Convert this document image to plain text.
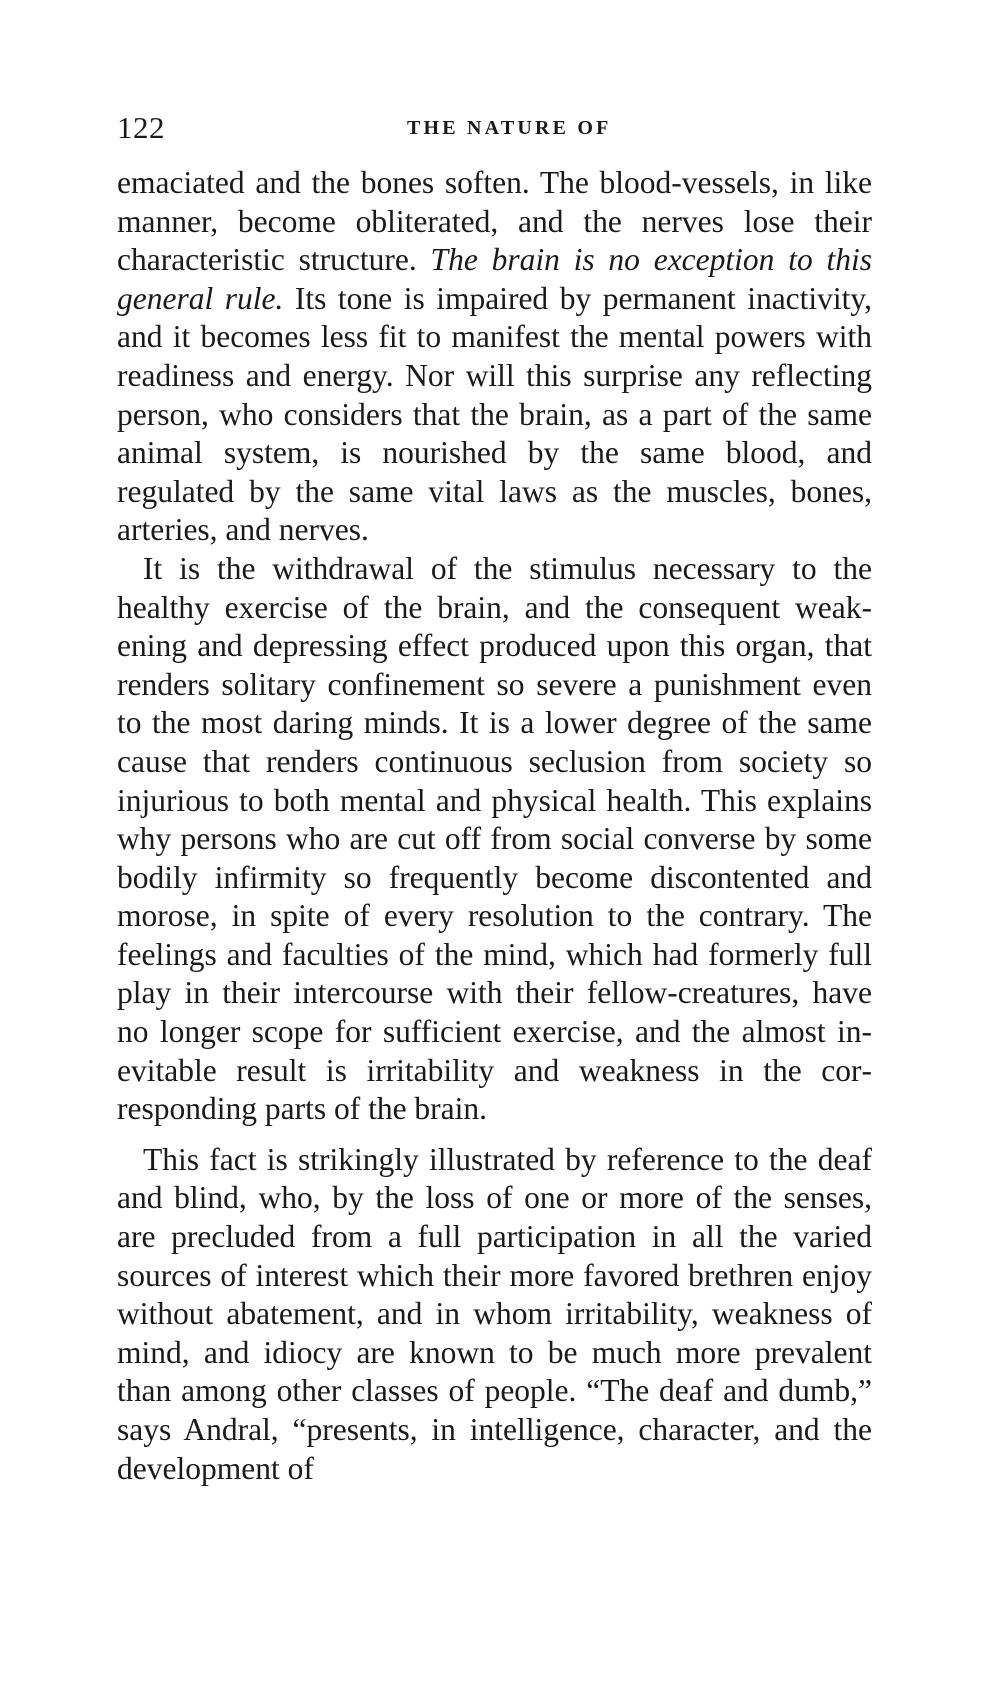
122	THE NATURE OF

emaciated and the bones soften. The blood-vessels, in like manner, become obliterated, and the nerves lose their characteristic structure. The brain is no exception to this general rule. Its tone is impaired by permanent inactivity, and it becomes less fit to manifest the mental powers with readiness and energy. Nor will this surprise any reflecting person, who considers that the brain, as a part of the same animal system, is nourished by the same blood, and regulated by the same vital laws as the muscles, bones, arteries, and nerves.

It is the withdrawal of the stimulus necessary to the healthy exercise of the brain, and the consequent weakening and depressing effect produced upon this organ, that renders solitary confinement so severe a punishment even to the most daring minds. It is a lower degree of the same cause that renders continuous seclusion from society so injurious to both mental and physical health. This explains why persons who are cut off from social converse by some bodily infirmity so frequently become discontented and morose, in spite of every resolution to the contrary. The feelings and faculties of the mind, which had formerly full play in their intercourse with their fellow-creatures, have no longer scope for sufficient exercise, and the almost inevitable result is irritability and weakness in the corresponding parts of the brain.

This fact is strikingly illustrated by reference to the deaf and blind, who, by the loss of one or more of the senses, are precluded from a full participation in all the varied sources of interest which their more favored brethren enjoy without abatement, and in whom irritability, weakness of mind, and idiocy are known to be much more prevalent than among other classes of people. “The deaf and dumb,” says Andral, “presents, in intelligence, character, and the development of
